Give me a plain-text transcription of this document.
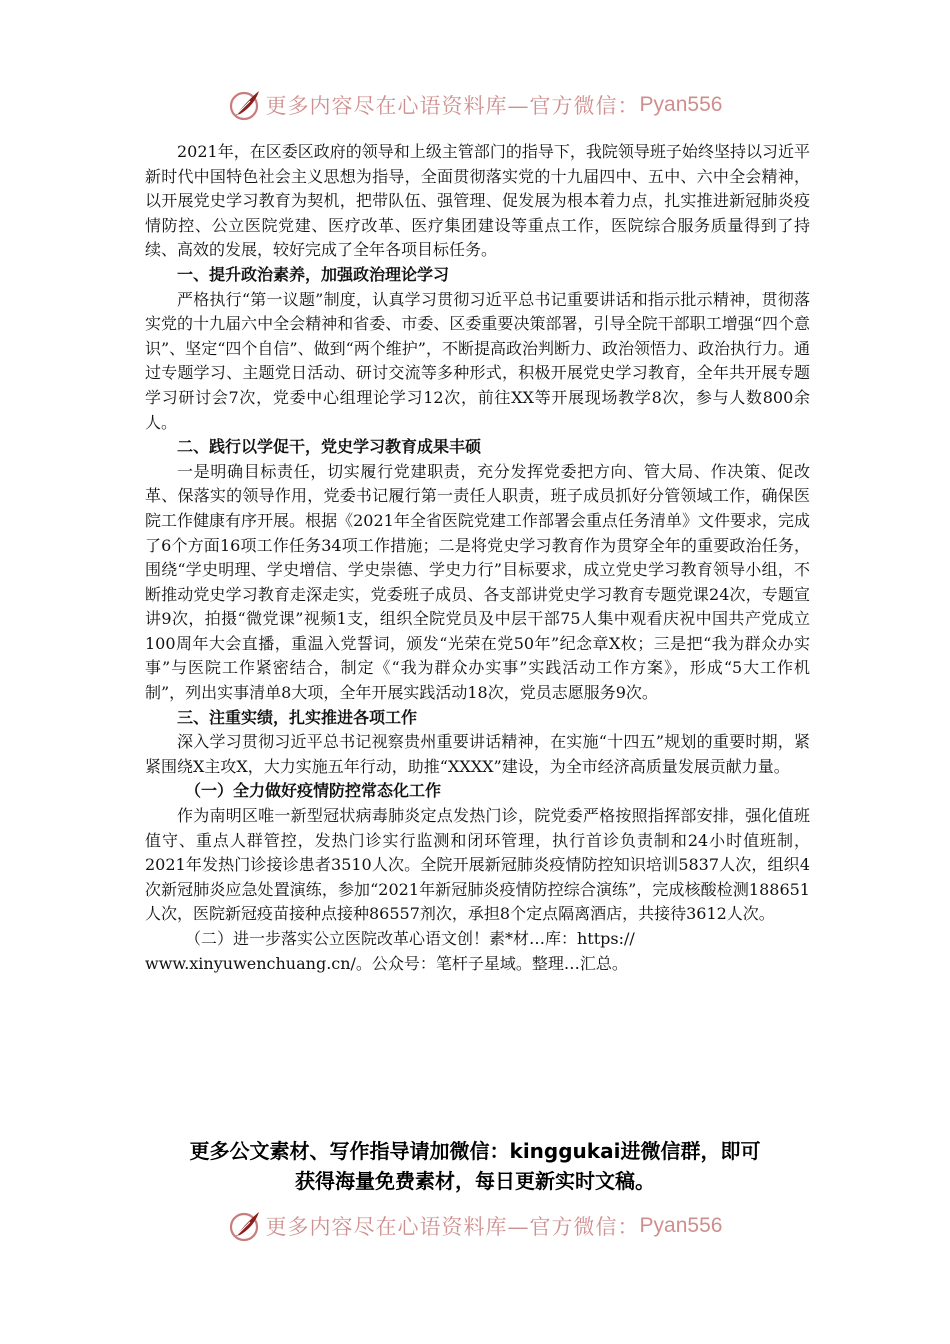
更多内容尽在心语资料库—官方微信： Pyan556

2021年，在区委区政府的领导和上级主管部门的指导下，我院领导班子始终坚持以习近平新时代中国特色社会主义思想为指导，全面贯彻落实党的十九届四中、五中、六中全会精神，以开展党史学习教育为契机，把带队伍、强管理、促发展为根本着力点，扎实推进新冠肺炎疫情防控、公立医院党建、医疗改革、医疗集团建设等重点工作，医院综合服务质量得到了持续、高效的发展，较好完成了全年各项目标任务。

一、提升政治素养，加强政治理论学习

严格执行“第一议题”制度，认真学习贯彻习近平总书记重要讲话和指示批示精神，贯彻落实党的十九届六中全会精神和省委、市委、区委重要决策部署，引导全院干部职工增强“四个意识”、坚定“四个自信”、做到“两个维护”，不断提高政治判断力、政治领悟力、政治执行力。通过专题学习、主题党日活动、研讨交流等多种形式，积极开展党史学习教育，全年共开展专题学习研讨会7次，党委中心组理论学习12次，前往XX等开展现场教学8次，参与人数800余人。

二、践行以学促干，党史学习教育成果丰硕

一是明确目标责任，切实履行党建职责，充分发挥党委把方向、管大局、作决策、促改革、保落实的领导作用，党委书记履行第一责任人职责，班子成员抓好分管领域工作，确保医院工作健康有序开展。根据《2021年全省医院党建工作部署会重点任务清单》文件要求，完成了6个方面16项工作任务34项工作措施；二是将党史学习教育作为贯穿全年的重要政治任务，围绕“学史明理、学史增信、学史崇德、学史力行”目标要求，成立党史学习教育领导小组，不断推动党史学习教育走深走实，党委班子成员、各支部讲党史学习教育专题党课24次，专题宣讲9次，拍摄“微党课”视频1支，组织全院党员及中层干部75人集中观看庆祝中国共产党成立100周年大会直播，重温入党誓词，颁发“光荣在党50年”纪念章X枚；三是把“我为群众办实事”与医院工作紧密结合，制定《“我为群众办实事”实践活动工作方案》，形成“5大工作机制”，列出实事清单8大项，全年开展实践活动18次，党员志愿服务9次。

三、注重实绩，扎实推进各项工作

深入学习贯彻习近平总书记视察贵州重要讲话精神，在实施“十四五”规划的重要时期，紧紧围绕X主攻X，大力实施五年行动，助推“XXXX”建设，为全市经济高质量发展贡献力量。

（一）全力做好疫情防控常态化工作

作为南明区唯一新型冠状病毒肺炎定点发热门诊，院党委严格按照指挥部安排，强化值班值守、重点人群管控，发热门诊实行监测和闭环管理，执行首诊负责制和24小时值班制，2021年发热门诊接诊患者3510人次。全院开展新冠肺炎疫情防控知识培训5837人次，组织4次新冠肺炎应急处置演练，参加“2021年新冠肺炎疫情防控综合演练”，完成核酸检测188651人次，医院新冠疫苗接种点接种86557剂次，承担8个定点隔离酒店，共接待3612人次。

（二）进一步落实公立医院改革心语文创！素*材…库：https://

www.xinyuwenchuang.cn/。公众号：笔杆子星域。整理…汇总。

更多公文素材、写作指导请加微信：kinggukai进微信群，即可
获得海量免费素材，每日更新实时文稿。
更多内容尽在心语资料库—官方微信： Pyan556
